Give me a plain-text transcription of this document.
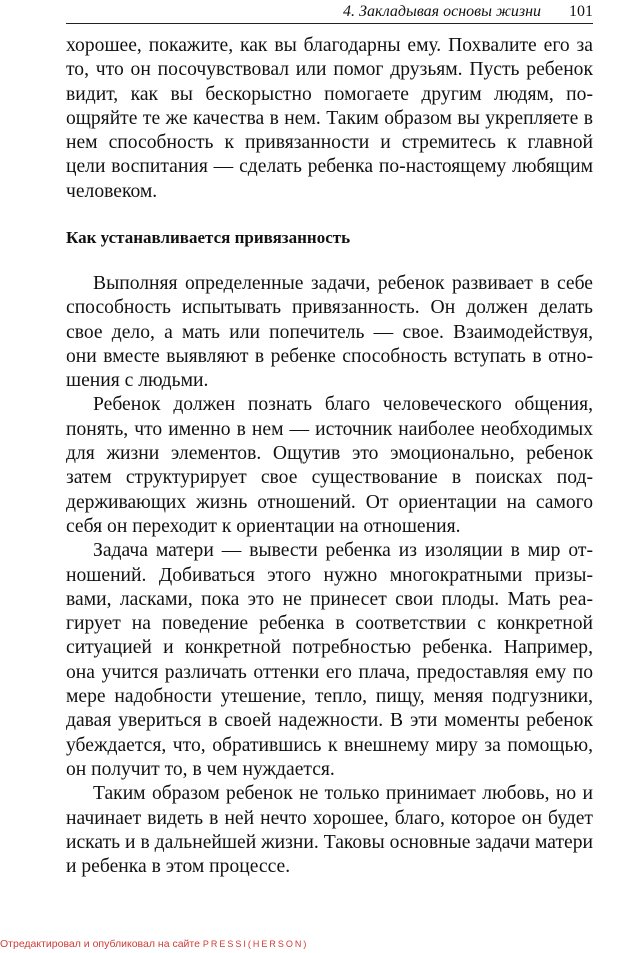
4. Закладывая основы жизни 101

хорошее, покажите, как вы благодарны ему. Похвалите его за то, что он посочувствовал или помог друзьям. Пусть ребенок видит, как вы бескорыстно помогаете другим людям, поощряйте те же качества в нем. Таким образом вы укрепляете в нем способность к привязанности и стремитесь к главной цели воспитания — сделать ребенка по-настоящему любящим человеком.

Как устанавливается привязанность

Выполняя определенные задачи, ребенок развивает в себе способность испытывать привязанность. Он должен делать свое дело, а мать или попечитель — свое. Взаимодействуя, они вместе выявляют в ребенке способность вступать в отношения с людьми.

Ребенок должен познать благо человеческого общения, понять, что именно в нем — источник наиболее необходимых для жизни элементов. Ощутив это эмоционально, ребенок затем структурирует свое существование в поисках поддерживающих жизнь отношений. От ориентации на самого себя он переходит к ориентации на отношения.

Задача матери — вывести ребенка из изоляции в мир отношений. Добиваться этого нужно многократными призывами, ласками, пока это не принесет свои плоды. Мать реагирует на поведение ребенка в соответствии с конкретной ситуацией и конкретной потребностью ребенка. Например, она учится различать оттенки его плача, предоставляя ему по мере надобности утешение, тепло, пищу, меняя подгузники, давая увериться в своей надежности. В эти моменты ребенок убеждается, что, обратившись к внешнему миру за помощью, он получит то, в чем нуждается.

Таким образом ребенок не только принимает любовь, но и начинает видеть в ней нечто хорошее, благо, которое он будет искать и в дальнейшей жизни. Таковы основные задачи матери и ребенка в этом процессе.

Отредактировал и опубликовал на сайте PRESSI(HERSON)
